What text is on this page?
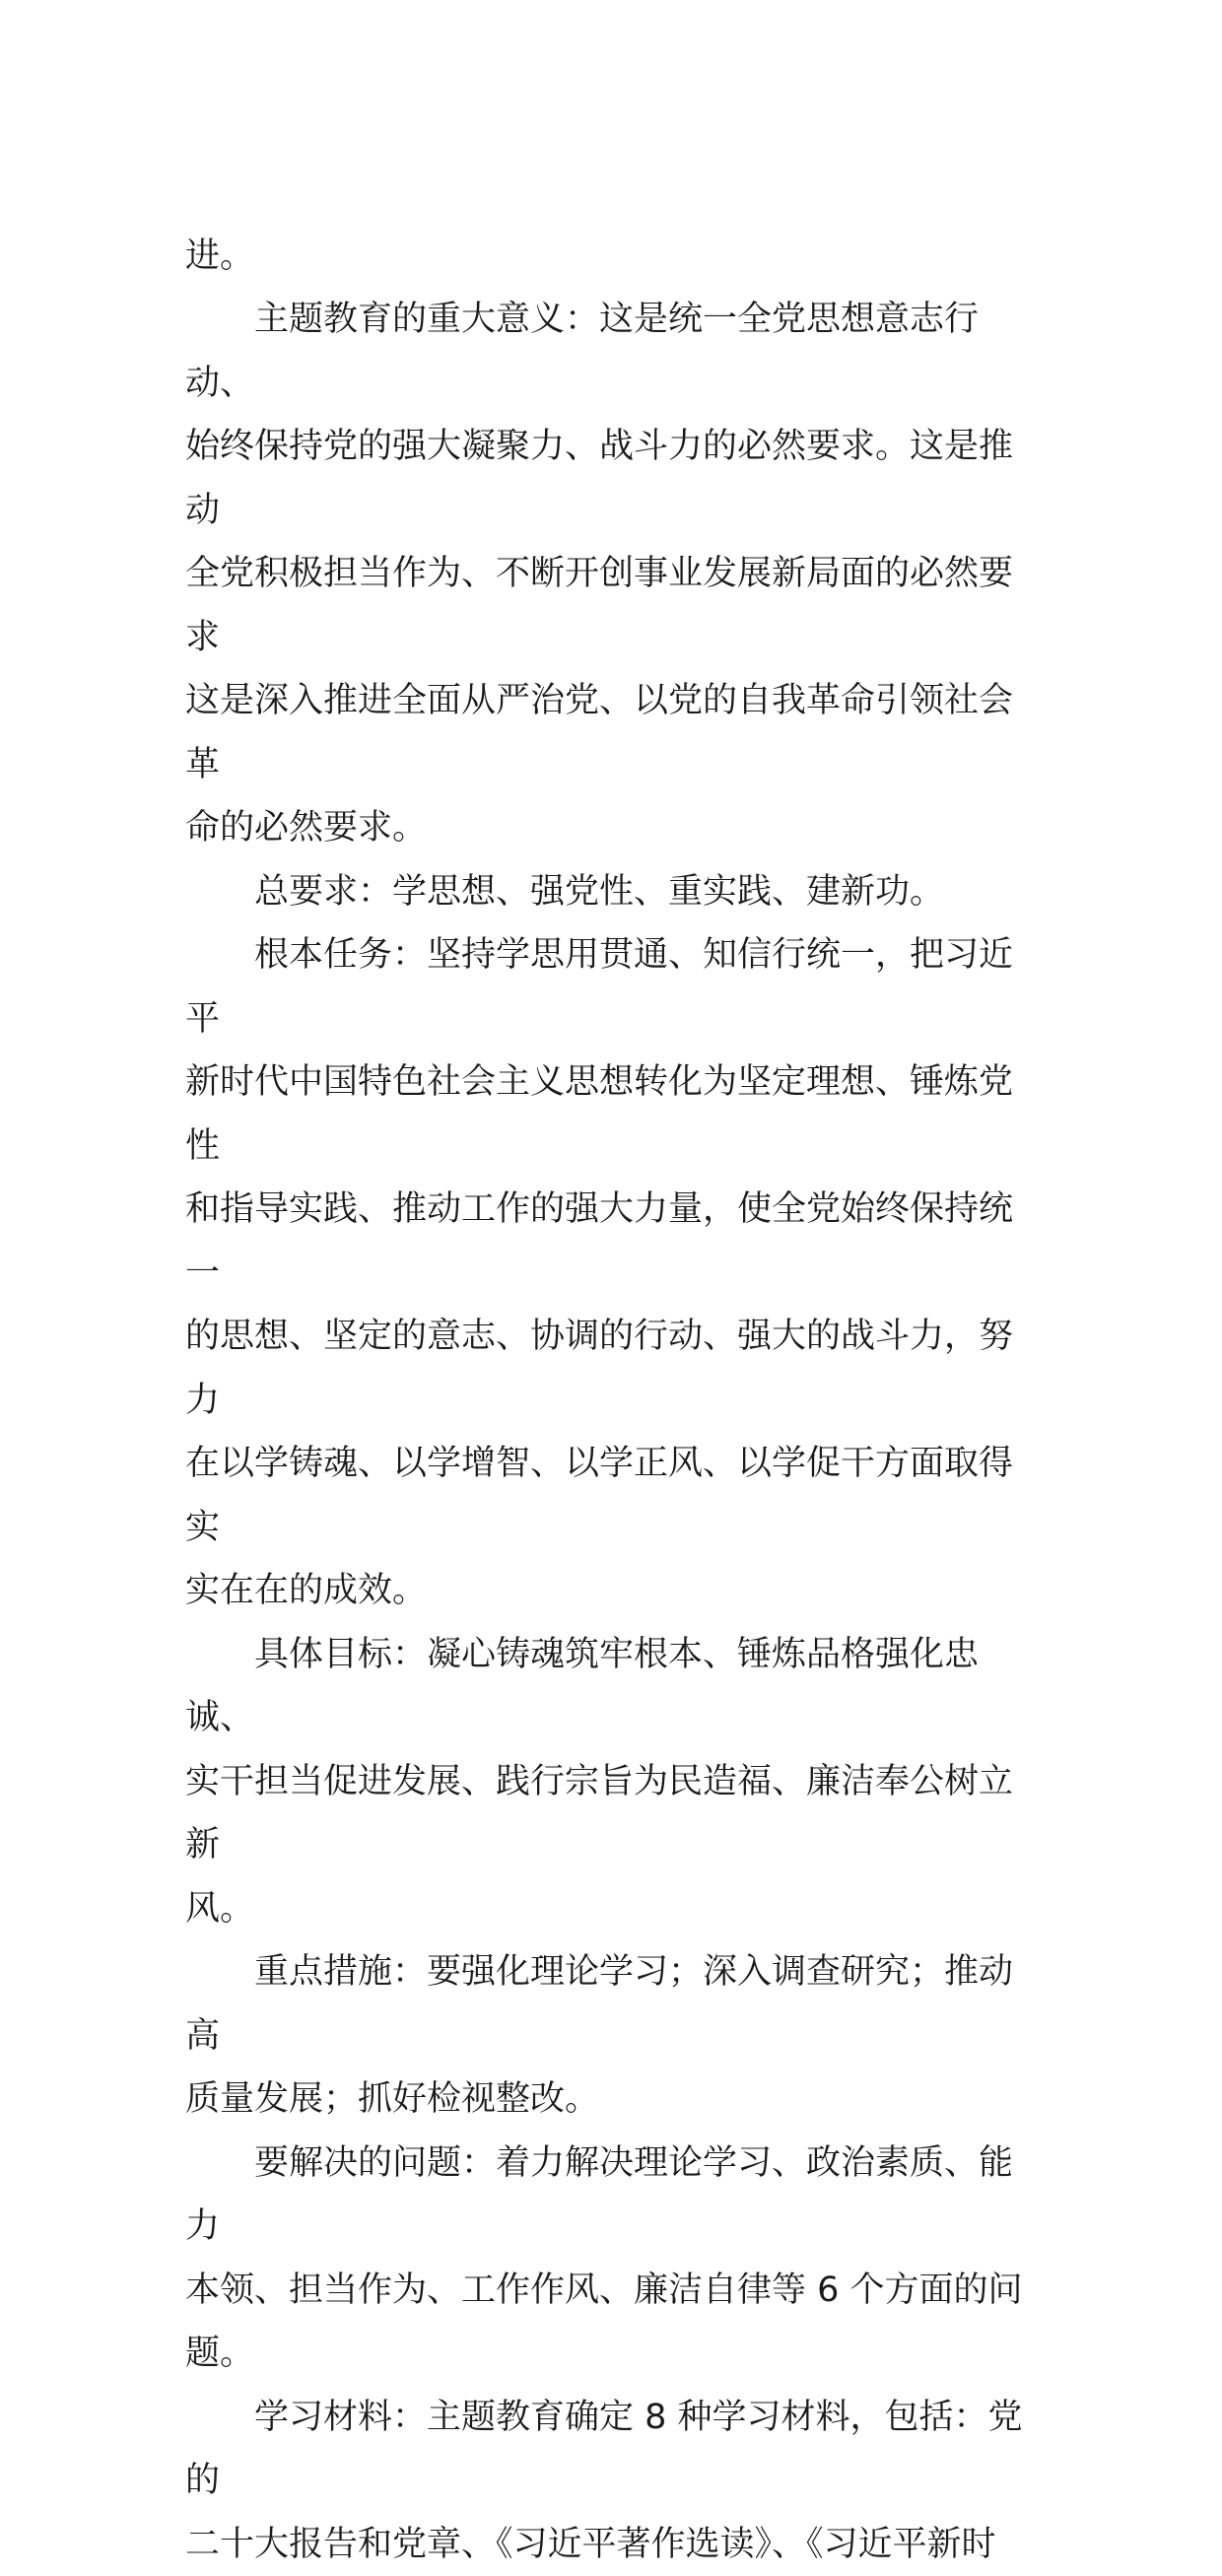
进。

主题教育的重大意义：这是统一全党思想意志行动、
始终保持党的强大凝聚力、战斗力的必然要求。这是推动
全党积极担当作为、不断开创事业发展新局面的必然要求
这是深入推进全面从严治党、以党的自我革命引领社会革
命的必然要求。
总要求：学思想、强党性、重实践、建新功。
根本任务：坚持学思用贯通、知信行统一，把习近平
新时代中国特色社会主义思想转化为坚定理想、锤炼党性
和指导实践、推动工作的强大力量，使全党始终保持统一
的思想、坚定的意志、协调的行动、强大的战斗力，努力
在以学铸魂、以学增智、以学正风、以学促干方面取得实
实在在的成效。
具体目标：凝心铸魂筑牢根本、锤炼品格强化忠诚、
实干担当促进发展、践行宗旨为民造福、廉洁奉公树立新
风。
重点措施：要强化理论学习；深入调查研究；推动高
质量发展；抓好检视整改。
要解决的问题：着力解决理论学习、政治素质、能力
本领、担当作为、工作作风、廉洁自律等 6 个方面的问题。
学习材料：主题教育确定 8 种学习材料，包括：党的
二十大报告和党章、《习近平著作选读》、《习近平新时
